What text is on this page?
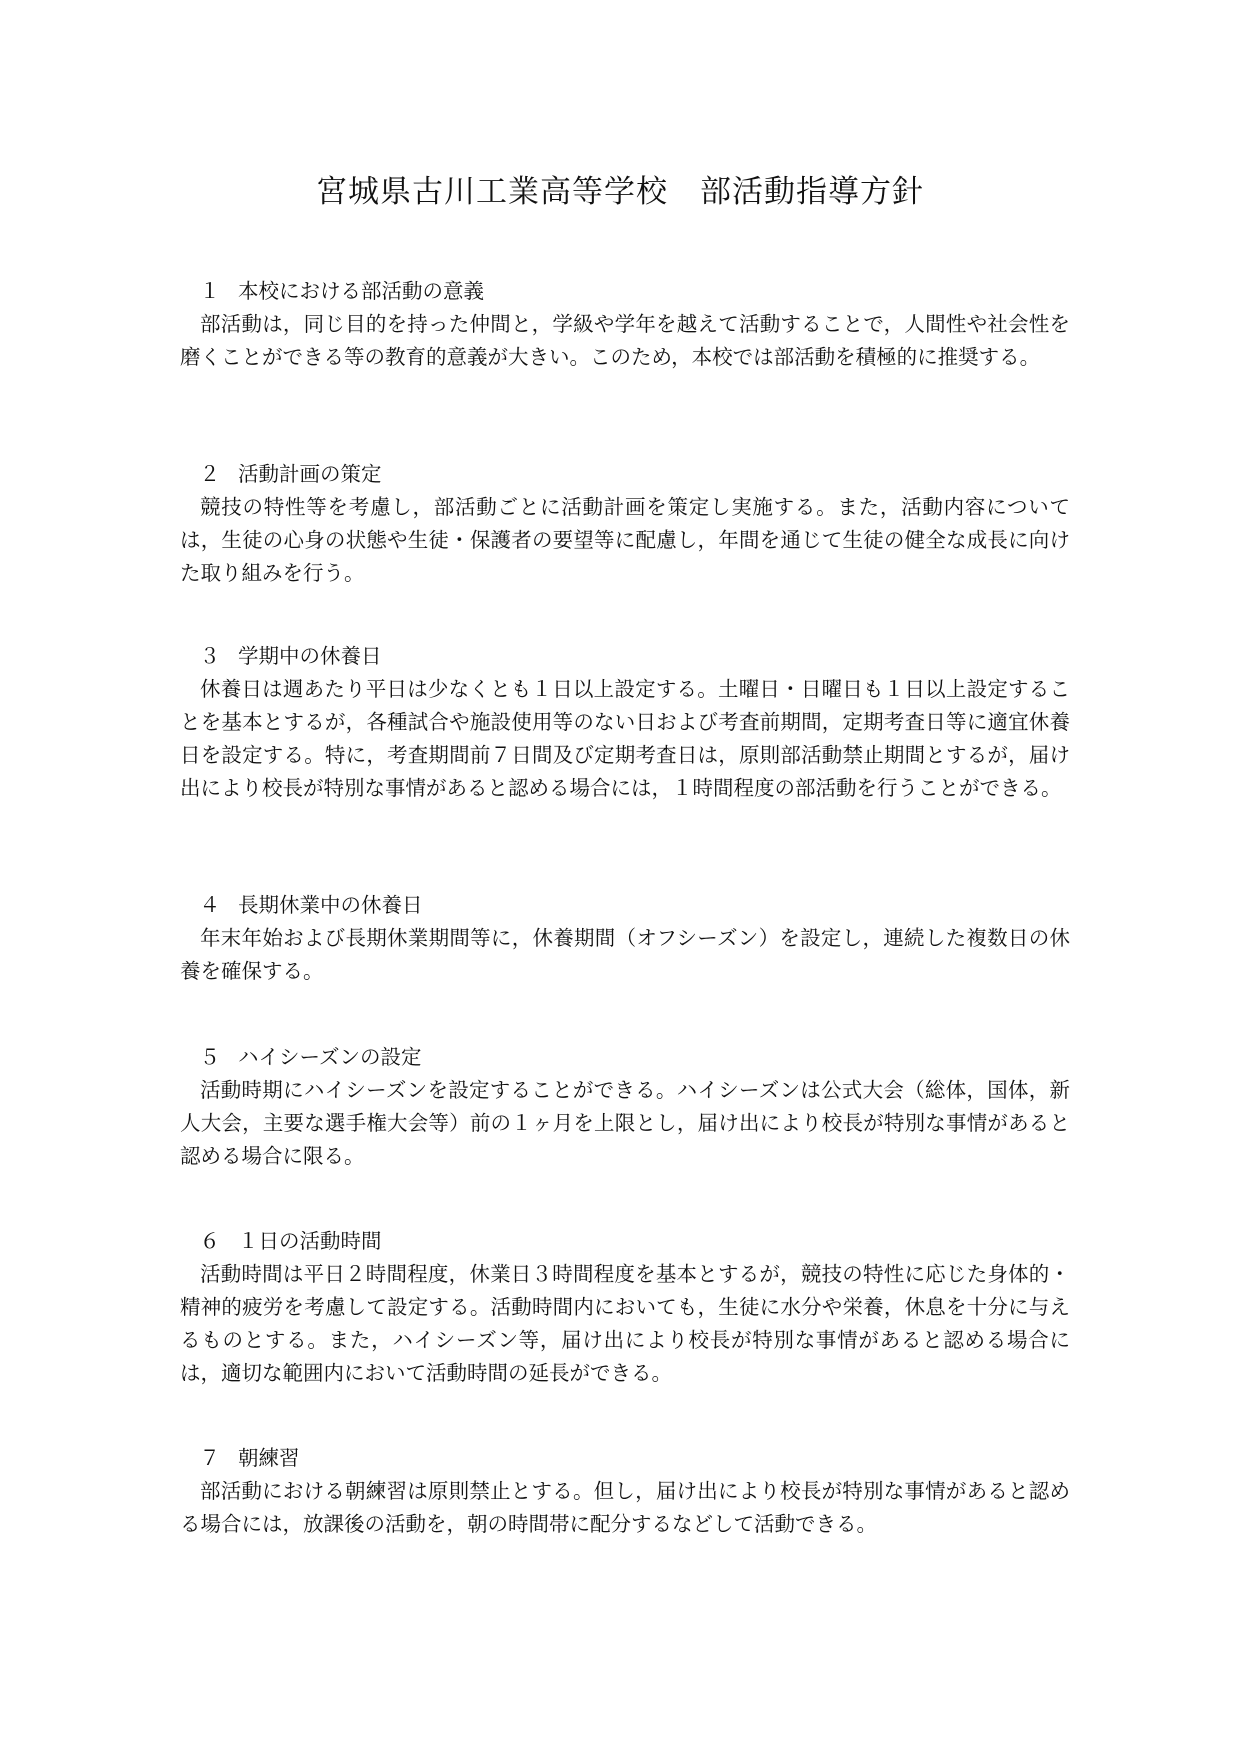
宮城県古川工業高等学校　部活動指導方針
１ 本校における部活動の意義

部活動は，同じ目的を持った仲間と，学級や学年を越えて活動することで，人間性や社会性を磨くことができる等の教育的意義が大きい。このため，本校では部活動を積極的に推奨する。

２ 活動計画の策定

競技の特性等を考慮し，部活動ごとに活動計画を策定し実施する。また，活動内容については，生徒の心身の状態や生徒・保護者の要望等に配慮し，年間を通じて生徒の健全な成長に向けた取り組みを行う。

３ 学期中の休養日

休養日は週あたり平日は少なくとも１日以上設定する。土曜日・日曜日も１日以上設定することを基本とするが，各種試合や施設使用等のない日および考査前期間，定期考査日等に適宜休養日を設定する。特に，考査期間前７日間及び定期考査日は，原則部活動禁止期間とするが，届け出により校長が特別な事情があると認める場合には，１時間程度の部活動を行うことができる。

４ 長期休業中の休養日

年末年始および長期休業期間等に，休養期間（オフシーズン）を設定し，連続した複数日の休養を確保する。

５ ハイシーズンの設定

活動時期にハイシーズンを設定することができる。ハイシーズンは公式大会（総体，国体，新人大会，主要な選手権大会等）前の１ヶ月を上限とし，届け出により校長が特別な事情があると認める場合に限る。

６ １日の活動時間

活動時間は平日２時間程度，休業日３時間程度を基本とするが，競技の特性に応じた身体的・精神的疲労を考慮して設定する。活動時間内においても，生徒に水分や栄養，休息を十分に与えるものとする。また，ハイシーズン等，届け出により校長が特別な事情があると認める場合には，適切な範囲内において活動時間の延長ができる。

７ 朝練習

部活動における朝練習は原則禁止とする。但し，届け出により校長が特別な事情があると認める場合には，放課後の活動を，朝の時間帯に配分するなどして活動できる。
